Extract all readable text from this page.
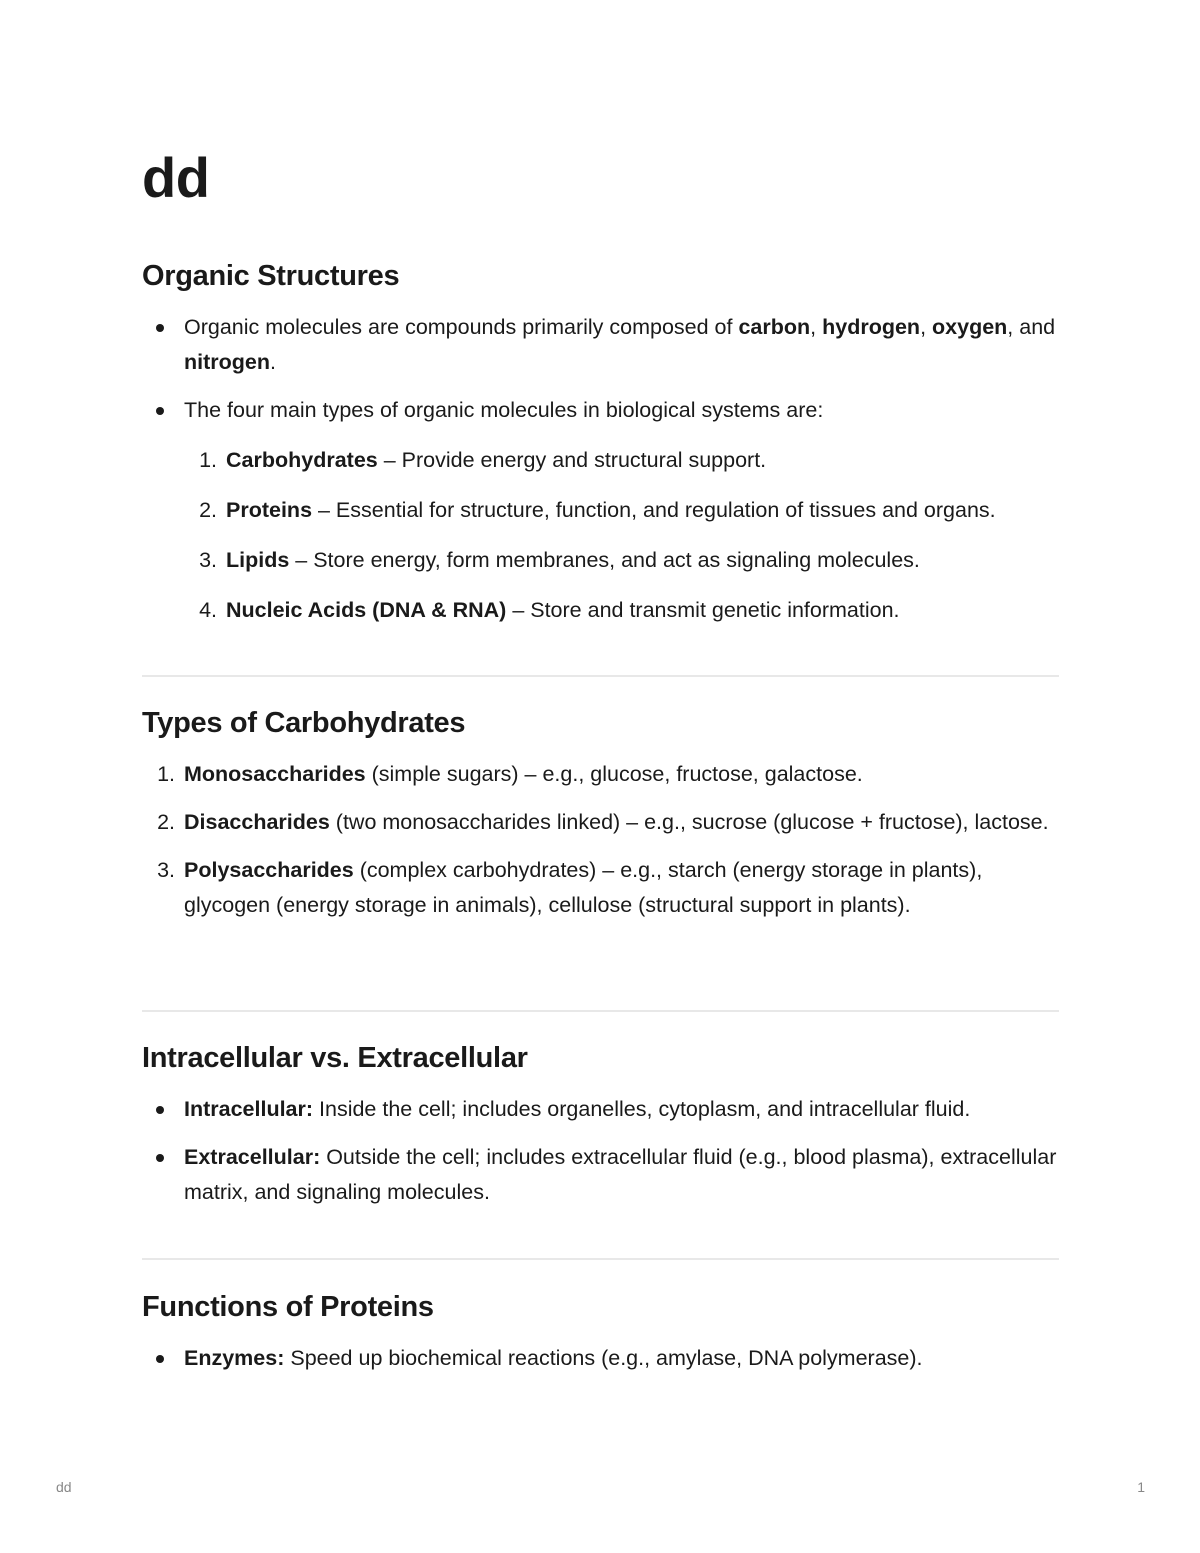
dd
Organic Structures
Organic molecules are compounds primarily composed of carbon, hydrogen, oxygen, and nitrogen.
The four main types of organic molecules in biological systems are:
1. Carbohydrates – Provide energy and structural support.
2. Proteins – Essential for structure, function, and regulation of tissues and organs.
3. Lipids – Store energy, form membranes, and act as signaling molecules.
4. Nucleic Acids (DNA & RNA) – Store and transmit genetic information.
Types of Carbohydrates
1. Monosaccharides (simple sugars) – e.g., glucose, fructose, galactose.
2. Disaccharides (two monosaccharides linked) – e.g., sucrose (glucose + fructose), lactose.
3. Polysaccharides (complex carbohydrates) – e.g., starch (energy storage in plants), glycogen (energy storage in animals), cellulose (structural support in plants).
Intracellular vs. Extracellular
Intracellular: Inside the cell; includes organelles, cytoplasm, and intracellular fluid.
Extracellular: Outside the cell; includes extracellular fluid (e.g., blood plasma), extracellular matrix, and signaling molecules.
Functions of Proteins
Enzymes: Speed up biochemical reactions (e.g., amylase, DNA polymerase).
dd	1
